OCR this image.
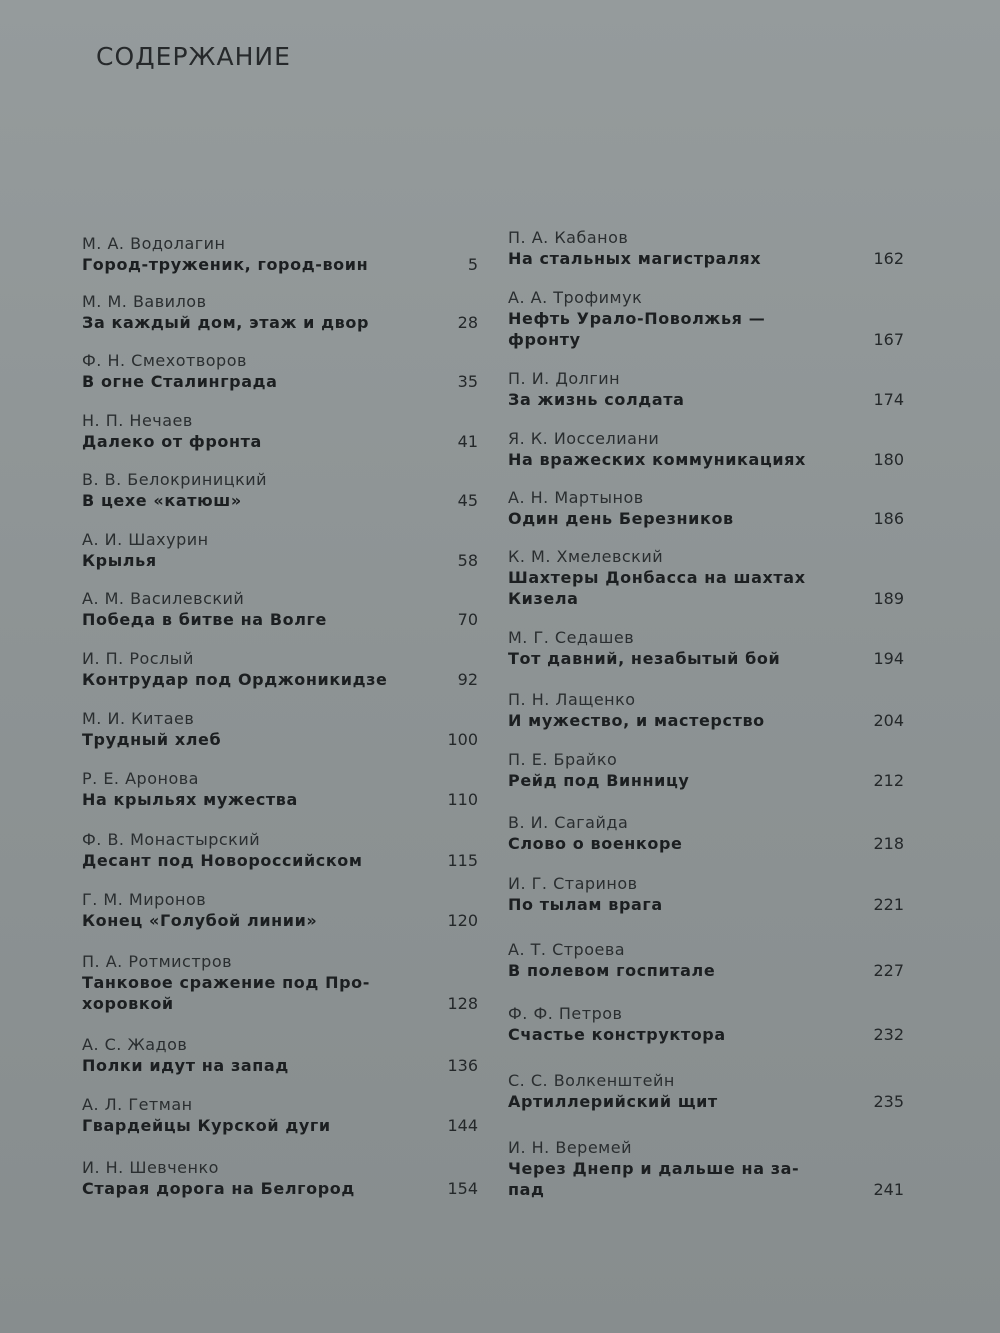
СОДЕРЖАНИЕ
М. А. Водолагин
Город-труженик, город-воин	5
М. М. Вавилов
За каждый дом, этаж и двор	28
Ф. Н. Смехотворов
В огне Сталинграда	35
Н. П. Нечаев
Далеко от фронта	41
В. В. Белокриницкий
В цехе «катюш»	45
А. И. Шахурин
Крылья	58
А. М. Василевский
Победа в битве на Волге	70
И. П. Рослый
Контрудар под Орджоникидзе	92
М. И. Китаев
Трудный хлеб	100
Р. Е. Аронова
На крыльях мужества	110
Ф. В. Монастырский
Десант под Новороссийском	115
Г. М. Миронов
Конец «Голубой линии»	120
П. А. Ротмистров
Танковое сражение под Про-
хоровкой	128
А. С. Жадов
Полки идут на запад	136
А. Л. Гетман
Гвардейцы Курской дуги	144
И. Н. Шевченко
Старая дорога на Белгород	154
П. А. Кабанов
На стальных магистралях	162
А. А. Трофимук
Нефть Урало-Поволжья —
фронту	167
П. И. Долгин
За жизнь солдата	174
Я. К. Иосселиани
На вражеских коммуникациях	180
А. Н. Мартынов
Один день Березников	186
К. М. Хмелевский
Шахтеры Донбасса на шахтах
Кизела	189
М. Г. Седашев
Тот давний, незабытый бой	194
П. Н. Лащенко
И мужество, и мастерство	204
П. Е. Брайко
Рейд под Винницу	212
В. И. Сагайда
Слово о военкоре	218
И. Г. Старинов
По тылам врага	221
А. Т. Строева
В полевом госпитале	227
Ф. Ф. Петров
Счастье конструктора	232
С. С. Волкенштейн
Артиллерийский щит	235
И. Н. Веремей
Через Днепр и дальше на за-
пад	241
